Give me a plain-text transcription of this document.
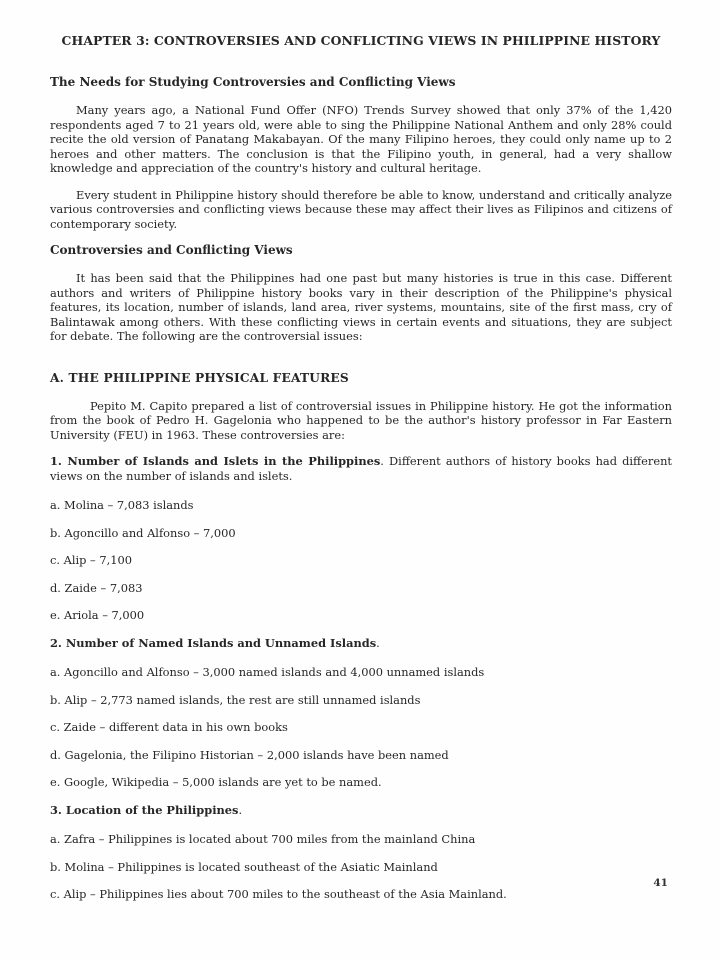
CHAPTER 3: CONTROVERSIES AND CONFLICTING VIEWS IN PHILIPPINE HISTORY
The Needs for Studying Controversies and Conflicting Views

Many years ago, a National Fund Offer (NFO) Trends Survey showed that only 37% of the 1,420 respondents aged 7 to 21 years old, were able to sing the Philippine National Anthem and only 28% could recite the old version of Panatang Makabayan. Of the many Filipino heroes, they could only name up to 2 heroes and other matters. The conclusion is that the Filipino youth, in general, had a very shallow knowledge and appreciation of the country's history and cultural heritage.

Every student in Philippine history should therefore be able to know, understand and critically analyze various controversies and conflicting views because these may affect their lives as Filipinos and citizens of contemporary society.

Controversies and Conflicting Views

It has been said that the Philippines had one past but many histories is true in this case. Different authors and writers of Philippine history books vary in their description of the Philippine's physical features, its location, number of islands, land area, river systems, mountains, site of the first mass, cry of Balintawak among others. With these conflicting views in certain events and situations, they are subject for debate. The following are the controversial issues:

A. THE PHILIPPINE PHYSICAL FEATURES

Pepito M. Capito prepared a list of controversial issues in Philippine history. He got the information from the book of Pedro H. Gagelonia who happened to be the author's history professor in Far Eastern University (FEU) in 1963. These controversies are:

1. Number of Islands and Islets in the Philippines. Different authors of history books had different views on the number of islands and islets.

a. Molina – 7,083 islands

b. Agoncillo and Alfonso – 7,000

c. Alip – 7,100

d. Zaide – 7,083

e. Ariola – 7,000

2. Number of Named Islands and Unnamed Islands.

a. Agoncillo and Alfonso – 3,000 named islands and 4,000 unnamed islands

b. Alip – 2,773 named islands, the rest are still unnamed islands

c. Zaide – different data in his own books

d. Gagelonia, the Filipino Historian – 2,000 islands have been named

e. Google, Wikipedia – 5,000 islands are yet to be named.

3. Location of the Philippines.

a. Zafra – Philippines is located about 700 miles from the mainland China

b. Molina – Philippines is located southeast of the Asiatic Mainland

c. Alip – Philippines lies about 700 miles to the southeast of the Asia Mainland.

41
